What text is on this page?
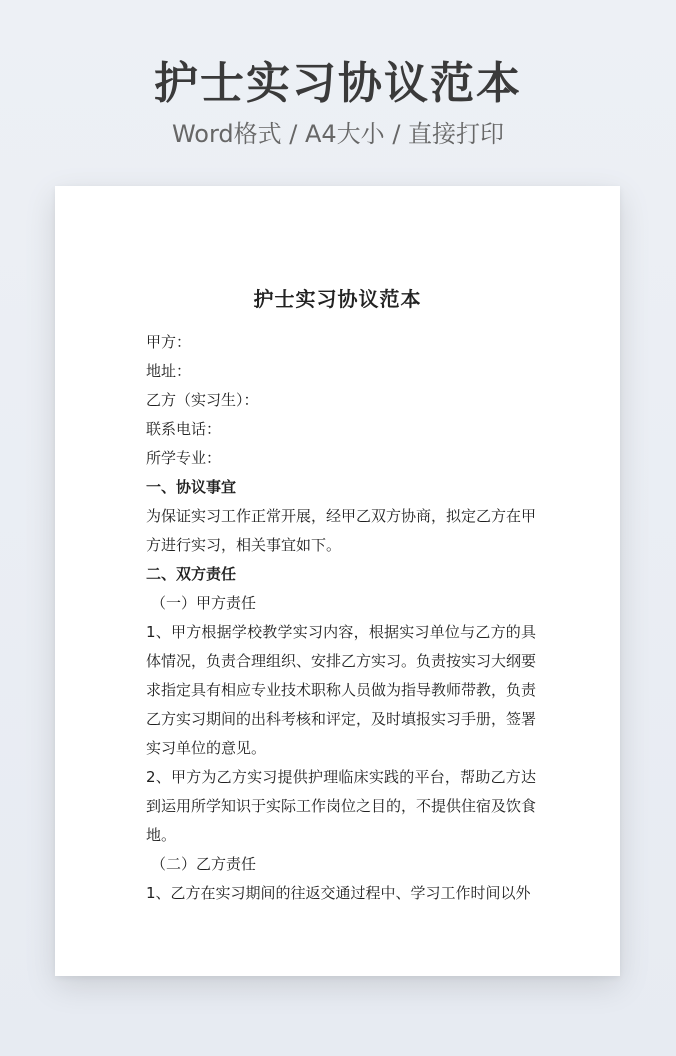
护士实习协议范本
Word格式 / A4大小 / 直接打印
护士实习协议范本

甲方：

地址：

乙方（实习生）：

联系电话：

所学专业：

一、协议事宜

为保证实习工作正常开展，经甲乙双方协商，拟定乙方在甲方进行实习，相关事宜如下。

二、双方责任

（一）甲方责任

1、甲方根据学校教学实习内容，根据实习单位与乙方的具体情况，负责合理组织、安排乙方实习。负责按实习大纲要求指定具有相应专业技术职称人员做为指导教师带教，负责乙方实习期间的出科考核和评定，及时填报实习手册，签署实习单位的意见。

2、甲方为乙方实习提供护理临床实践的平台，帮助乙方达到运用所学知识于实际工作岗位之目的，不提供住宿及饮食地。

（二）乙方责任

1、乙方在实习期间的往返交通过程中、学习工作时间以外
